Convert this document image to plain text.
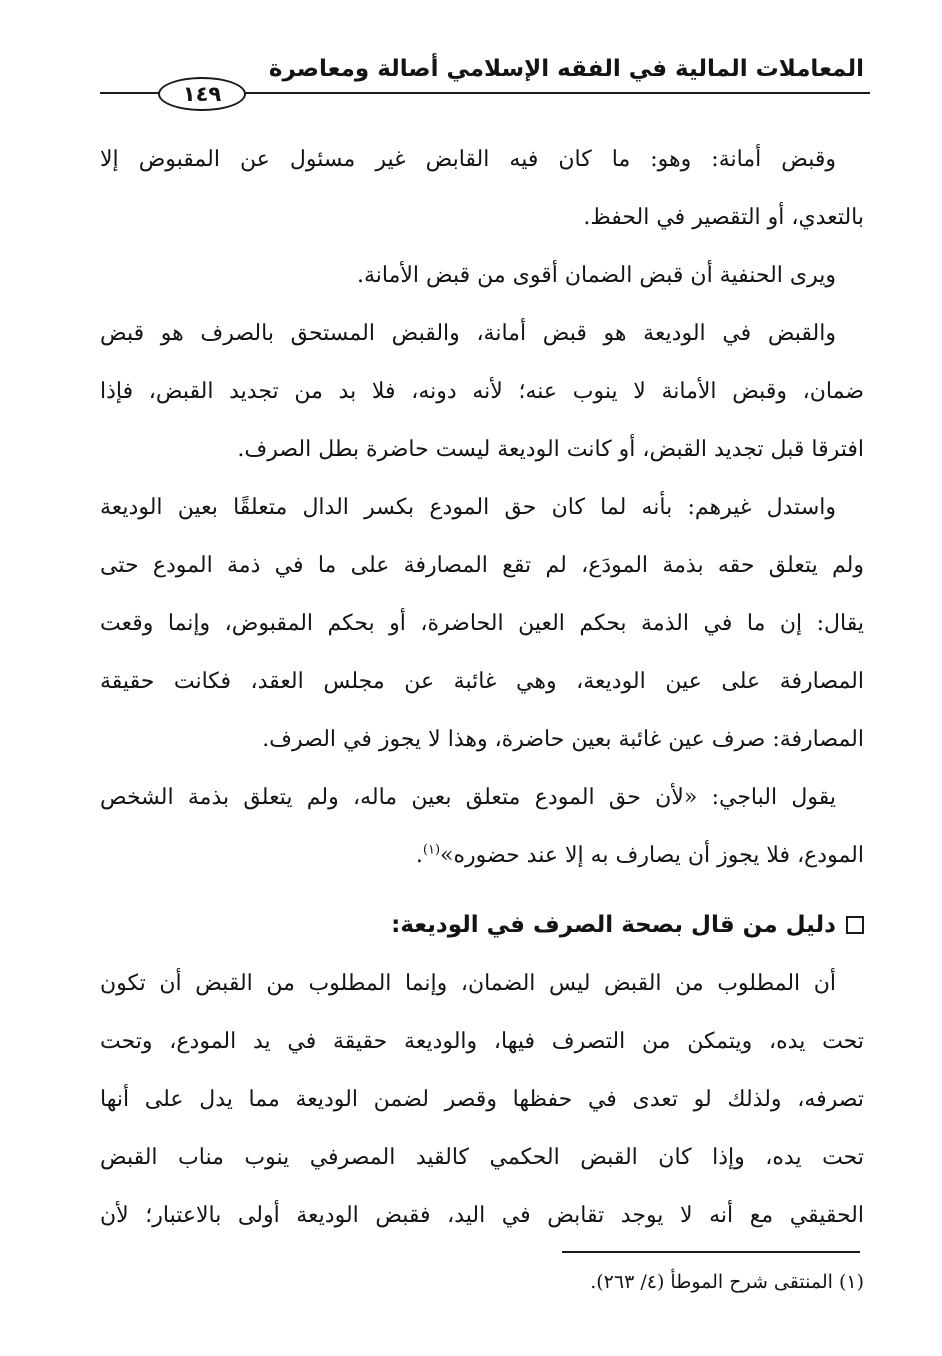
المعاملات المالية في الفقه الإسلامي أصالة ومعاصرة
١٤٩
وقبض أمانة: وهو: ما كان فيه القابض غير مسئول عن المقبوض إلا
بالتعدي، أو التقصير في الحفظ.
ويرى الحنفية أن قبض الضمان أقوى من قبض الأمانة.
والقبض في الوديعة هو قبض أمانة، والقبض المستحق بالصرف هو قبض
ضمان، وقبض الأمانة لا ينوب عنه؛ لأنه دونه، فلا بد من تجديد القبض، فإذا
افترقا قبل تجديد القبض، أو كانت الوديعة ليست حاضرة بطل الصرف.
واستدل غيرهم: بأنه لما كان حق المودع بكسر الدال متعلقًا بعين الوديعة
ولم يتعلق حقه بذمة المودَع، لم تقع المصارفة على ما في ذمة المودع حتى
يقال: إن ما في الذمة بحكم العين الحاضرة، أو بحكم المقبوض، وإنما وقعت
المصارفة على عين الوديعة، وهي غائبة عن مجلس العقد، فكانت حقيقة
المصارفة: صرف عين غائبة بعين حاضرة، وهذا لا يجوز في الصرف.
يقول الباجي: «لأن حق المودع متعلق بعين ماله، ولم يتعلق بذمة الشخص
المودع، فلا يجوز أن يصارف به إلا عند حضوره»$^{(١)}$.
دليل من قال بصحة الصرف في الوديعة:
أن المطلوب من القبض ليس الضمان، وإنما المطلوب من القبض أن تكون
تحت يده، ويتمكن من التصرف فيها، والوديعة حقيقة في يد المودع، وتحت
تصرفه، ولذلك لو تعدى في حفظها وقصر لضمن الوديعة مما يدل على أنها
تحت يده، وإذا كان القبض الحكمي كالقيد المصرفي ينوب مناب القبض
الحقيقي مع أنه لا يوجد تقابض في اليد، فقبض الوديعة أولى بالاعتبار؛ لأن
(١) المنتقى شرح الموطأ (٤/ ٢٦٣).
